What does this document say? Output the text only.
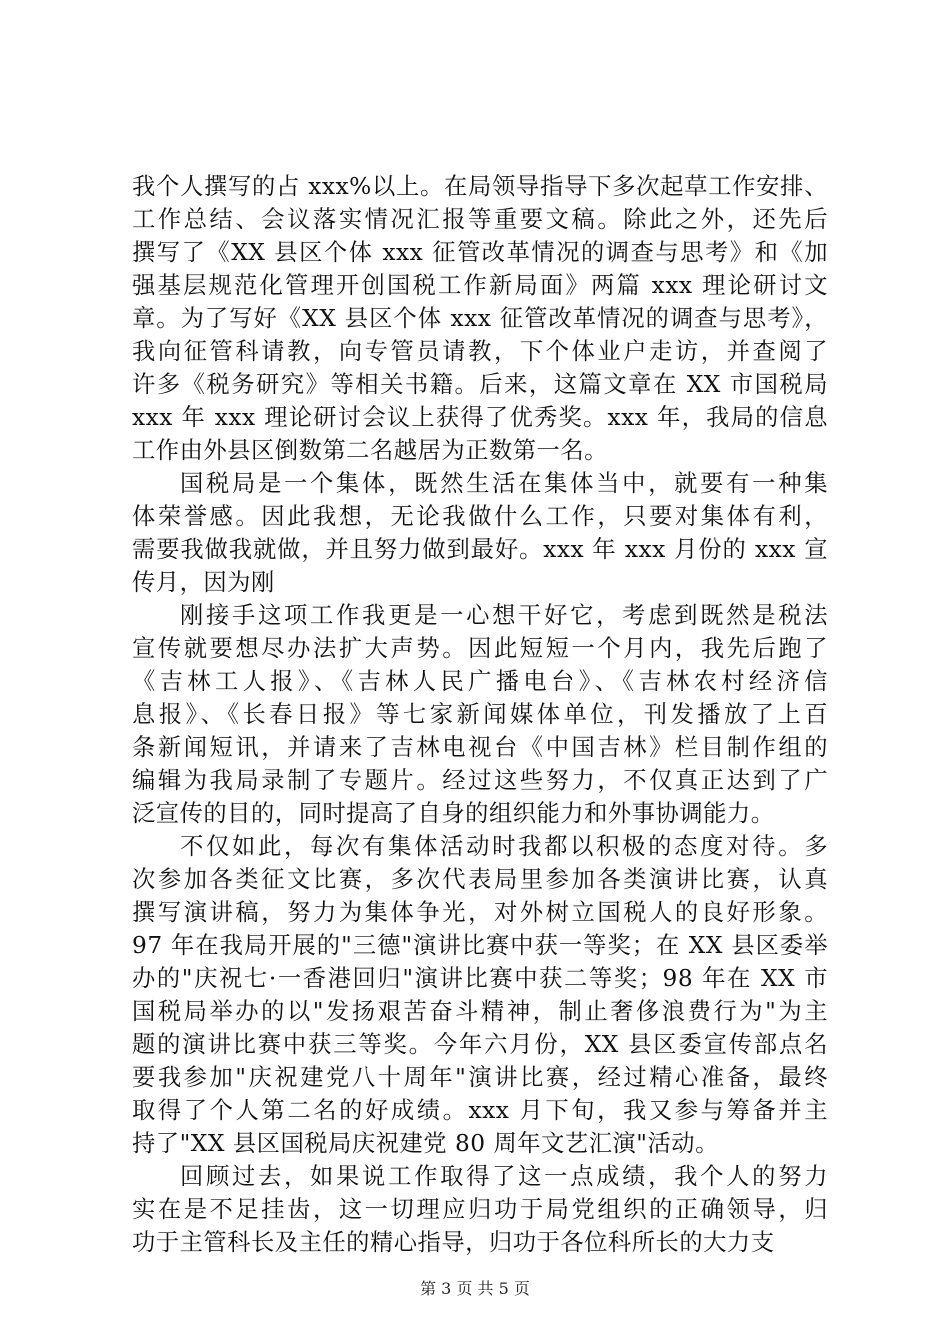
我个人撰写的占 xxx%以上。在局领导指导下多次起草工作安排、
工作总结、会议落实情况汇报等重要文稿。除此之外，还先后
撰写了《XX 县区个体 xxx 征管改革情况的调查与思考》和《加
强基层规范化管理开创国税工作新局面》两篇 xxx 理论研讨文
章。为了写好《XX 县区个体 xxx 征管改革情况的调查与思考》，
我向征管科请教，向专管员请教，下个体业户走访，并查阅了
许多《税务研究》等相关书籍。后来，这篇文章在 XX 市国税局
xxx 年 xxx 理论研讨会议上获得了优秀奖。xxx 年，我局的信息
工作由外县区倒数第二名越居为正数第一名。
国税局是一个集体，既然生活在集体当中，就要有一种集
体荣誉感。因此我想，无论我做什么工作，只要对集体有利，
需要我做我就做，并且努力做到最好。xxx 年 xxx 月份的 xxx 宣
传月，因为刚
刚接手这项工作我更是一心想干好它，考虑到既然是税法
宣传就要想尽办法扩大声势。因此短短一个月内，我先后跑了
《吉林工人报》、《吉林人民广播电台》、《吉林农村经济信
息报》、《长春日报》等七家新闻媒体单位，刊发播放了上百
条新闻短讯，并请来了吉林电视台《中国吉林》栏目制作组的
编辑为我局录制了专题片。经过这些努力，不仅真正达到了广
泛宣传的目的，同时提高了自身的组织能力和外事协调能力。
不仅如此，每次有集体活动时我都以积极的态度对待。多
次参加各类征文比赛，多次代表局里参加各类演讲比赛，认真
撰写演讲稿，努力为集体争光，对外树立国税人的良好形象。
97 年在我局开展的"三德"演讲比赛中获一等奖；在 XX 县区委举
办的"庆祝七·一香港回归"演讲比赛中获二等奖；98 年在 XX 市
国税局举办的以"发扬艰苦奋斗精神，制止奢侈浪费行为"为主
题的演讲比赛中获三等奖。今年六月份，XX 县区委宣传部点名
要我参加"庆祝建党八十周年"演讲比赛，经过精心准备，最终
取得了个人第二名的好成绩。xxx 月下旬，我又参与筹备并主
持了"XX 县区国税局庆祝建党 80 周年文艺汇演"活动。
回顾过去，如果说工作取得了这一点成绩，我个人的努力
实在是不足挂齿，这一切理应归功于局党组织的正确领导，归
功于主管科长及主任的精心指导，归功于各位科所长的大力支
第 3 页 共 5 页
